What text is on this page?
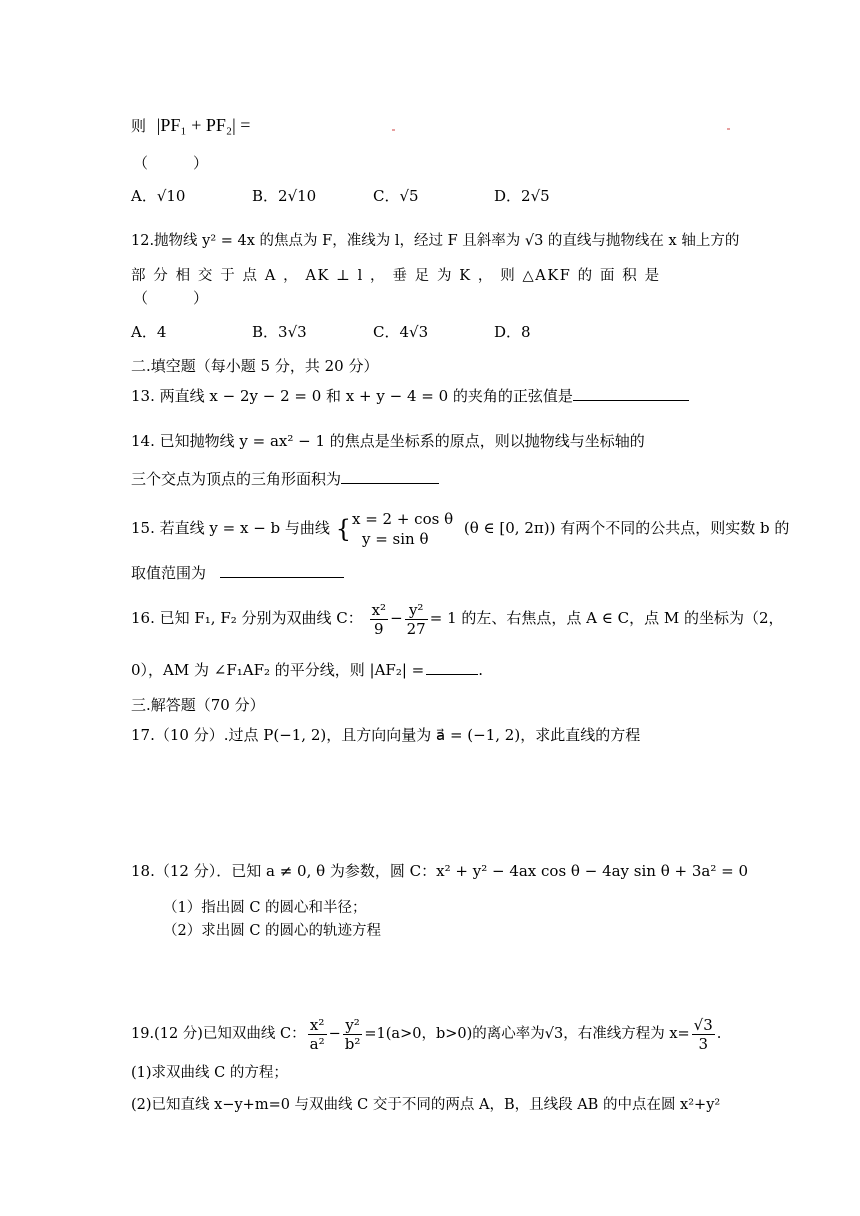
则 |PF₁ + PF₂| =
（　　　）
A．√10	B．2√10	C．√5	D．2√5
12.抛物线 y² = 4x 的焦点为 F，准线为 l，经过 F 且斜率为 √3 的直线与抛物线在 x 轴上方的
部 分 相 交 于 点 A ， AK ⊥ l ， 垂 足 为 K ， 则 △AKF 的 面 积 是
（　　　）
A．4	B．3√3	C．4√3	D．8
二.填空题（每小题 5 分，共 20 分）
13. 两直线 x − 2y − 2 = 0 和 x + y − 4 = 0 的夹角的正弦值是
14. 已知抛物线 y = ax² − 1 的焦点是坐标系的原点，则以抛物线与坐标轴的
三个交点为顶点的三角形面积为
15. 若直线 y = x − b 与曲线 { x = 2 + cos θ
y = sin θ
(θ ∈ [0, 2π)) 有两个不同的公共点，则实数 b 的
取值范围为
16. 已知 F₁, F₂ 分别为双曲线 C： $\frac{\text{x²}}{9} - \frac{\text{y²}}{27} = 1$ 的左、右焦点，点 A ∈ C，点 M 的坐标为（2，
0），AM 为 ∠F₁AF₂ 的平分线，则 |AF₂| =	.
三.解答题（70 分）
17.（10 分）.过点 P(−1, 2)，且方向向量为 a⃗ = (−1, 2)，求此直线的方程
18.（12 分）．已知 a ≠ 0, θ 为参数，圆 C：x² + y² − 4ax cos θ − 4ay sin θ + 3a² = 0
（1）指出圆 C 的圆心和半径；
（2）求出圆 C 的圆心的轨迹方程
19.(12 分)已知双曲线 C： $\frac{\text{x²}}{\text{a²}} - \frac{\text{y²}}{\text{b²}} =1(a>0$，b>0)的离心率为√3，右准线方程为 $x= \frac{√3}{3}$ .
(1)求双曲线 C 的方程；
(2)已知直线 x−y+m=0 与双曲线 C 交于不同的两点 A，B，且线段 AB 的中点在圆 x²+y²
